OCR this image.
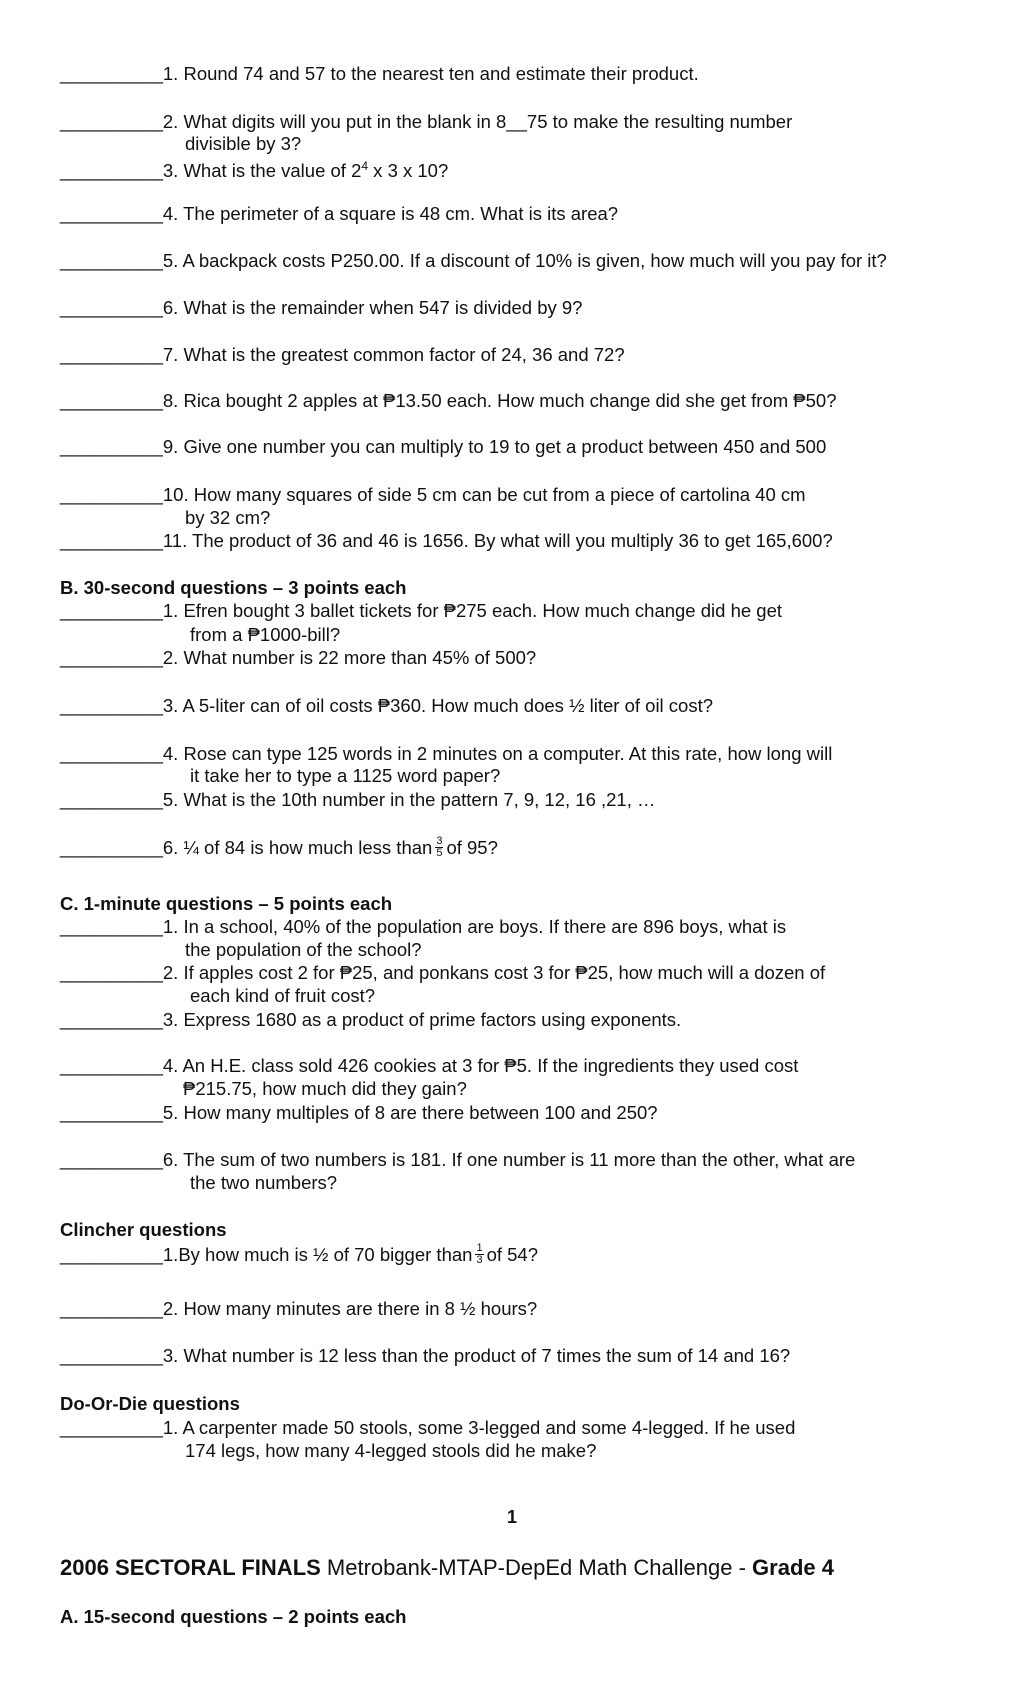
__________1. Round 74 and 57 to the nearest ten and estimate their product.
__________2. What digits will you put in the blank in 8__75 to make the resulting number
divisible by 3?
__________3. What is the value of $2^4$ x 3 x 10?
__________4. The perimeter of a square is 48 cm. What is its area?
__________5. A backpack costs P250.00. If a discount of 10% is given, how much will you pay for it?
__________6. What is the remainder when 547 is divided by 9?
__________7. What is the greatest common factor of 24, 36 and 72?
__________8. Rica bought 2 apples at ₱13.50 each. How much change did she get from ₱50?
__________9. Give one number you can multiply to 19 to get a product between 450 and 500
__________10. How many squares of side 5 cm can be cut from a piece of cartolina 40 cm
by 32 cm?
__________11. The product of 36 and 46 is 1656. By what will you multiply 36 to get 165,600?
B. 30-second questions – 3 points each
__________1. Efren bought 3 ballet tickets for ₱275 each. How much change did he get
from a ₱1000-bill?
__________2. What number is 22 more than 45% of 500?
__________3. A 5-liter can of oil costs ₱360. How much does ½ liter of oil cost?
__________4. Rose can type 125 words in 2 minutes on a computer. At this rate, how long will
it take her to type a 1125 word paper?
__________5. What is the 10th number in the pattern 7, 9, 12, 16 ,21, …
__________6. ¼ of 84 is how much less than $\frac{3}{5}$ of 95?
C. 1-minute questions – 5 points each
__________1. In a school, 40% of the population are boys. If there are 896 boys, what is
the population of the school?
__________2. If apples cost 2 for ₱25, and ponkans cost 3 for ₱25, how much will a dozen of
each kind of fruit cost?
__________3. Express 1680 as a product of prime factors using exponents.
__________4. An H.E. class sold 426 cookies at 3 for ₱5. If the ingredients they used cost
₱215.75, how much did they gain?
__________5. How many multiples of 8 are there between 100 and 250?
__________6. The sum of two numbers is 181. If one number is 11 more than the other, what are
the two numbers?
Clincher questions
__________1.By how much is ½ of 70 bigger than $\frac{1}{3}$ of 54?
__________2. How many minutes are there in 8 ½ hours?
__________3. What number is 12 less than the product of 7 times the sum of 14 and 16?
Do-Or-Die questions
__________1. A carpenter made 50 stools, some 3-legged and some 4-legged. If he used
174 legs, how many 4-legged stools did he make?
1
2006 SECTORAL FINALS Metrobank-MTAP-DepEd Math Challenge - Grade 4
A. 15-second questions – 2 points each
